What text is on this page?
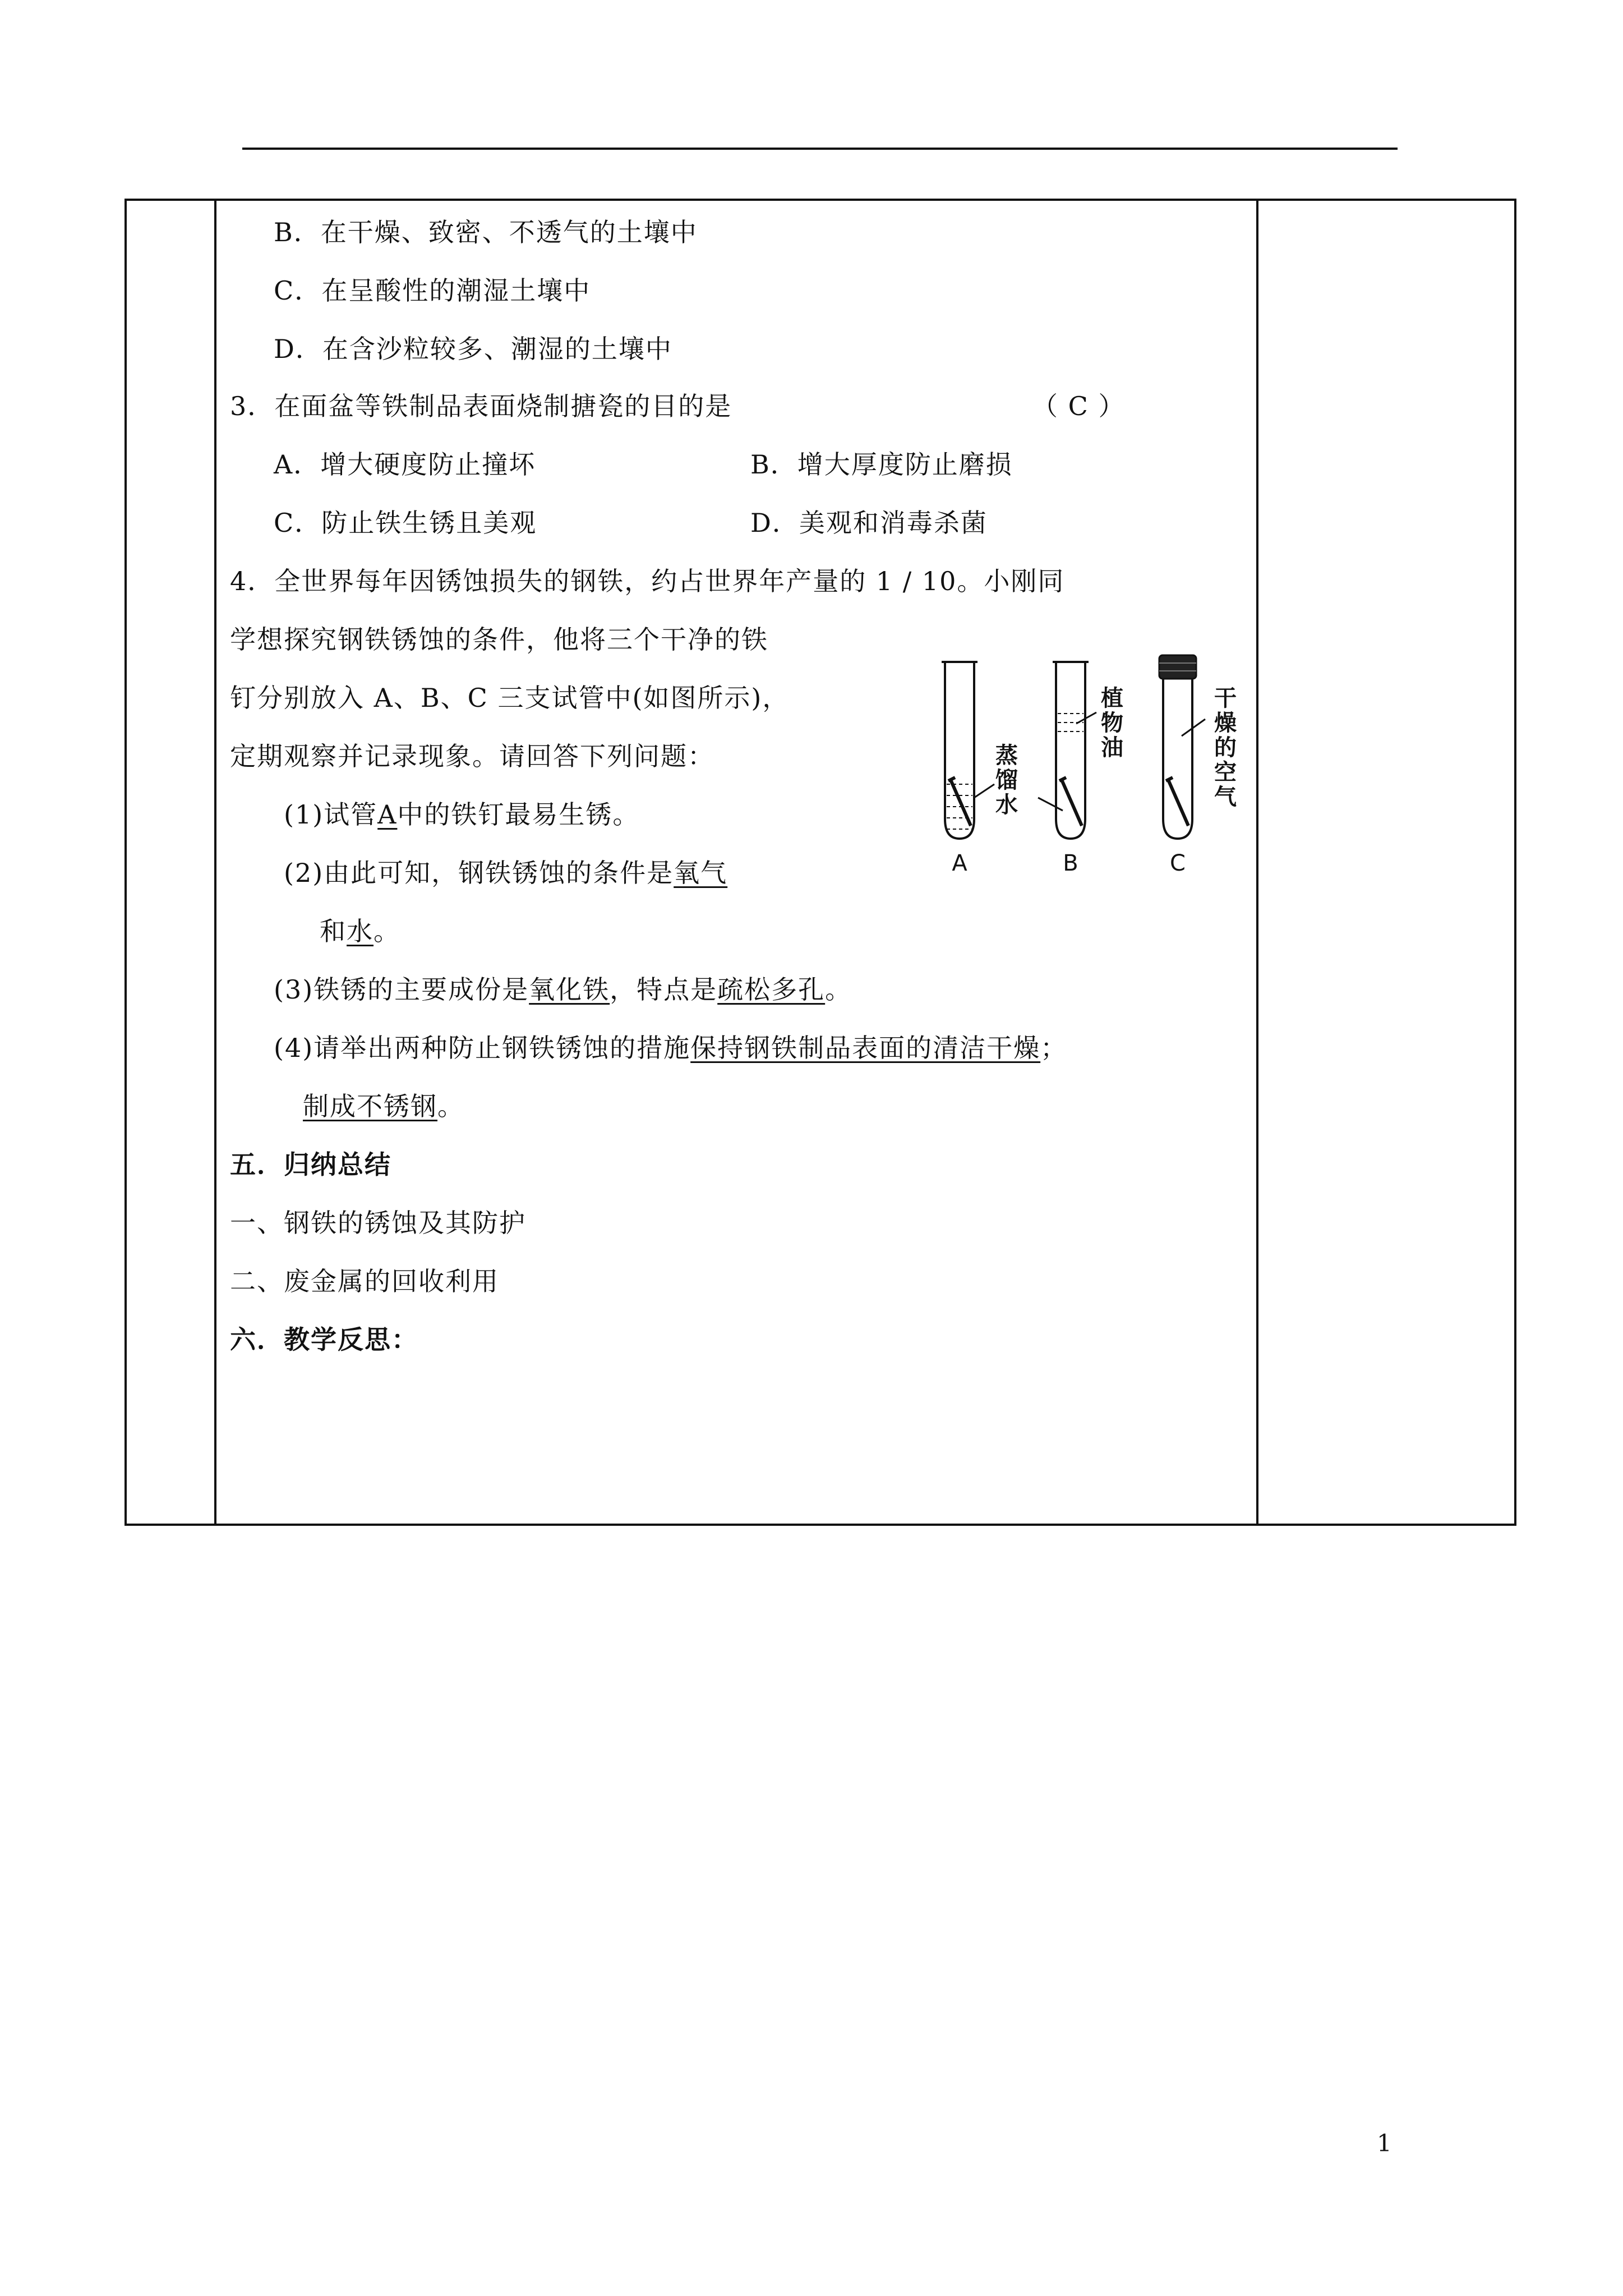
B．在干燥、致密、不透气的土壤中
C．在呈酸性的潮湿土壤中
D．在含沙粒较多、潮湿的土壤中
3．在面盆等铁制品表面烧制搪瓷的目的是	（ C ）
A．增大硬度防止撞坏	B．增大厚度防止磨损
C．防止铁生锈且美观	D．美观和消毒杀菌
4．全世界每年因锈蚀损失的钢铁，约占世界年产量的 1 / 10。小刚同
学想探究钢铁锈蚀的条件，他将三个干净的铁
钉分别放入 A、B、C 三支试管中(如图所示)，
定期观察并记录现象。请回答下列问题：
(1)试管A中的铁钉最易生锈。
(2)由此可知，钢铁锈蚀的条件是氧气
和水。
(3)铁锈的主要成份是氧化铁，特点是疏松多孔。
(4)请举出两种防止钢铁锈蚀的措施保持钢铁制品表面的清洁干燥；
制成不锈钢。
五．归纳总结
一、钢铁的锈蚀及其防护
二、废金属的回收利用
六．教学反思：
A
蒸
馏
水
B
植
物
油
C
干
燥
的
空
气
1
